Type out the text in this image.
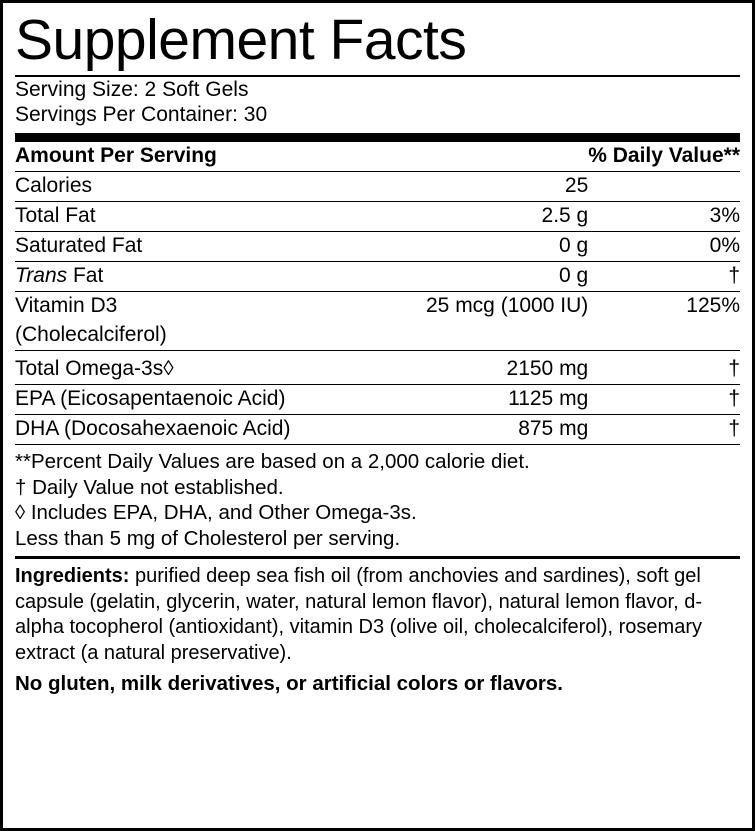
Supplement Facts
Serving Size: 2 Soft Gels
Servings Per Container: 30
Amount Per Serving		% Daily Value**
Calories	25	
Total Fat	2.5 g	3%
Saturated Fat	0 g	0%
Trans Fat	0 g	†
Vitamin D3	25 mcg (1000 IU)	125%
(Cholecalciferol)		
Total Omega-3s◊	2150 mg	†
EPA (Eicosapentaenoic Acid)	1125 mg	†
DHA (Docosahexaenoic Acid)	875 mg	†
**Percent Daily Values are based on a 2,000 calorie diet.
† Daily Value not established.
◊ Includes EPA, DHA, and Other Omega-3s.
Less than 5 mg of Cholesterol per serving.
Ingredients: purified deep sea fish oil (from anchovies and sardines), soft gel capsule (gelatin, glycerin, water, natural lemon flavor), natural lemon flavor, d-alpha tocopherol (antioxidant), vitamin D3 (olive oil, cholecalciferol), rosemary extract (a natural preservative).
No gluten, milk derivatives, or artificial colors or flavors.
